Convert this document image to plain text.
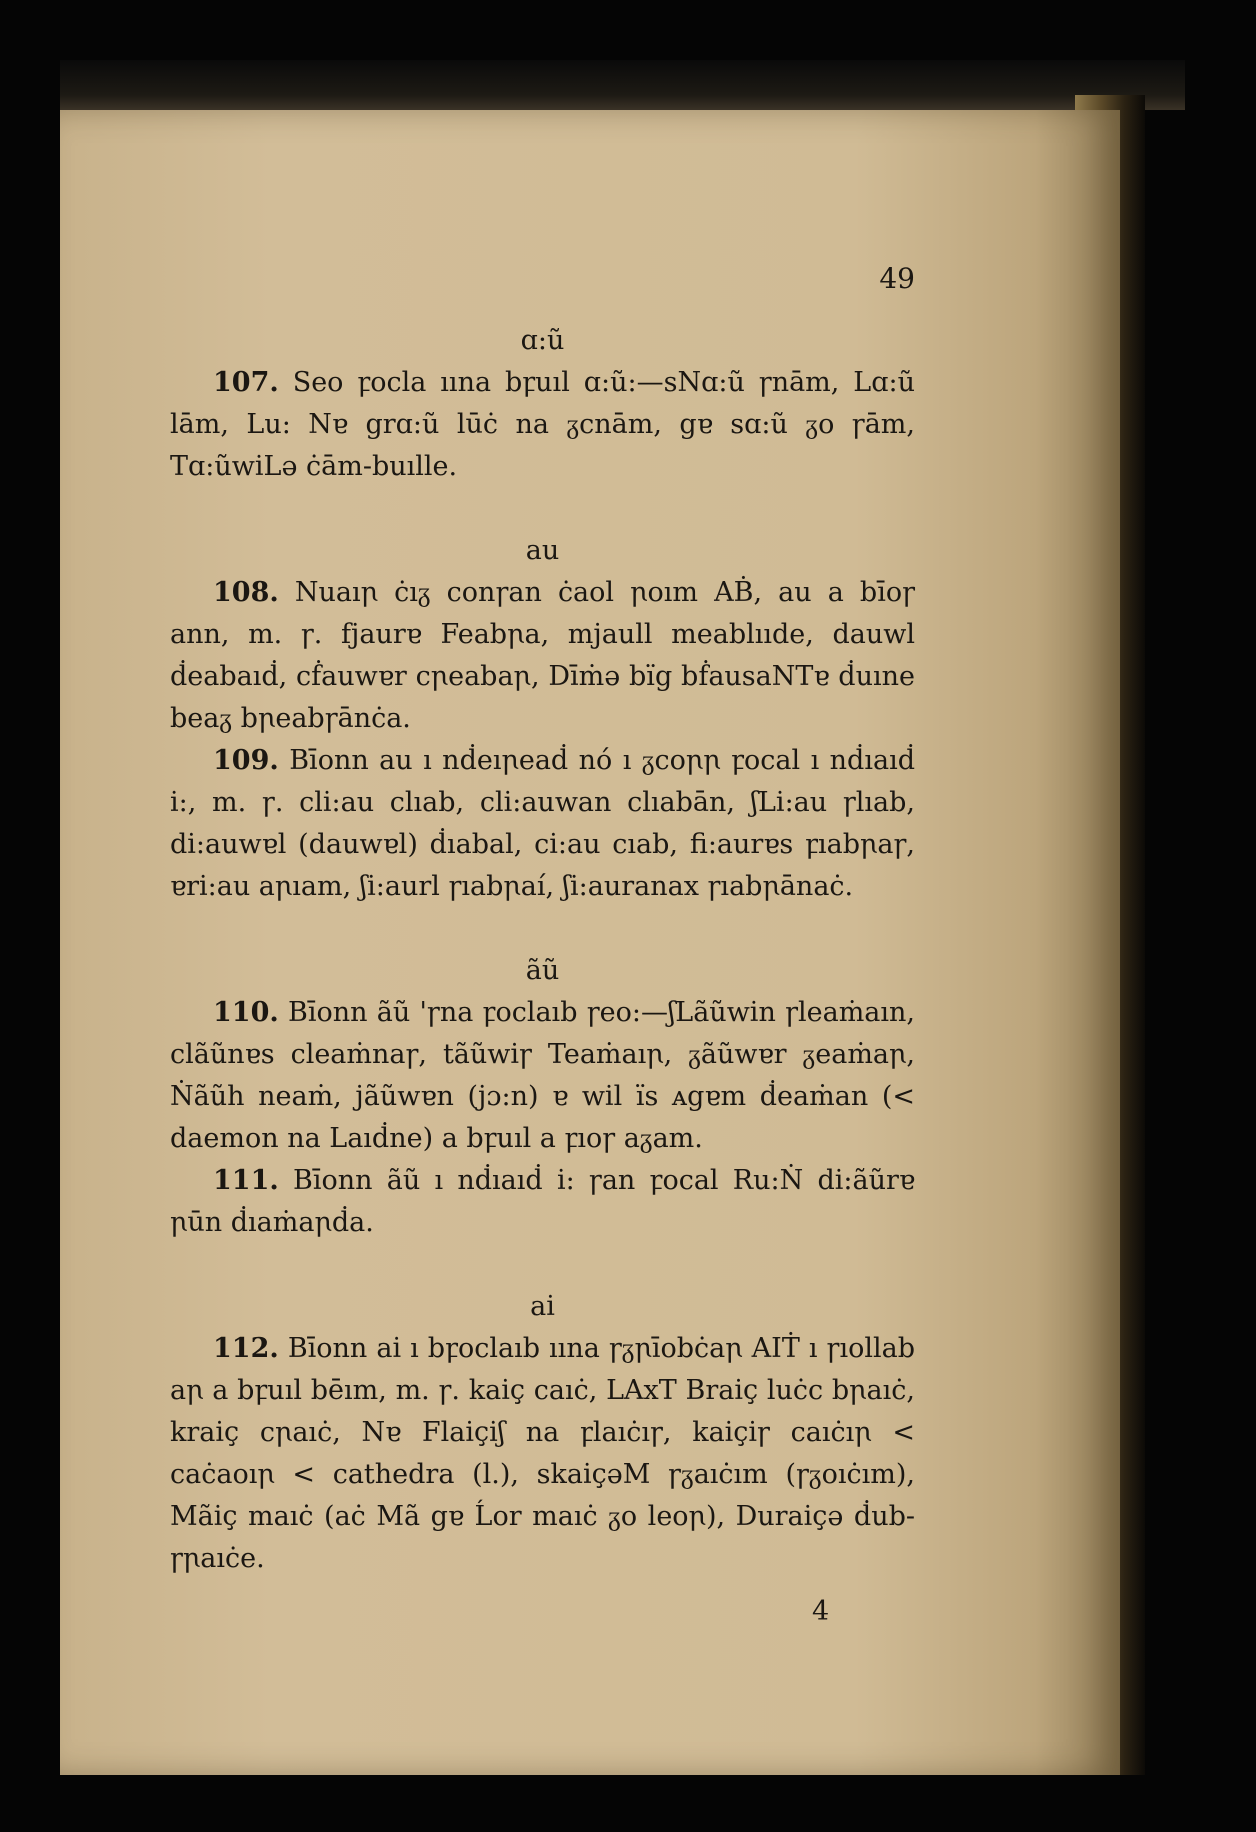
49
ɑ:ũ

107. Seo ꝼocla ıına bꝼuıl ɑ:ũ:—sNɑ:ũ ꞅnām, Lɑ:ũ lām, Lu: Nɐ grɑ:ũ lūċ na ᵹcnām, gɐ sɑ:ũ ᵹo ꞅām, Tɑ:ũwiLə ċām-buılle.

au

108. Nuaıꞃ ċıᵹ conꞅan ċaol ꞃoım AḂ, au a bīoꞅ ann, m. ꞅ. fjaurɐ Feabꞃa, mjaull meablııde, dauwl ḋeabaıḋ, cḟauwɐr cꞃeabaꞃ, Dīṁə bïg bḟausaNTɐ ḋuıne beaᵹ bꞃeabꞅānċa.

109. Bīonn au ı nḋeıꞃeaḋ nó ı ᵹcoꞃꞃ ꝼocal ı nḋıaıḋ i:, m. ꞅ. cli:au clıab, cli:auwan clıabān, ʃLi:au ꞅlıab, di:auwɐl (dauwɐl) ḋıabal, ci:au cıab, fi:aurɐs ꝼıabꞃaꞅ, ɐri:au aꞃıam, ʃi:aurl ꞅıabꞃaí, ʃi:auranax ꞅıabꞃānaċ.

ãũ

110. Bīonn ãũ 'ꞅna ꝼoclaıb ꞅeo:—ʃLãũwin ꞅleaṁaın, clãũnɐs cleaṁnaꞅ, tãũwiꞅ Teaṁaıꞃ, ᵹãũwɐr ᵹeaṁaꞃ, Ṅãũh neaṁ, jãũwɐn (jɔ:n) ɐ wil ïs ᴀgɐm ḋeaṁan (< daemon na Laıḋne) a bꝼuıl a ꝼıoꞅ aᵹam.

111. Bīonn ãũ ı nḋıaıḋ i: ꞅan ꝼocal Ru:Ṅ di:ãũrɐ ꞃūn ḋıaṁaꞃḋa.

ai

112. Bīonn ai ı bꝼoclaıb ıına ꞅᵹꞃīobċaꞃ AIṪ ı ꞅıollab aꞃ a bꝼuıl bēım, m. ꞅ. kaiç caıċ, LAxT Braiç luċc bꞃaıċ, kraiç cꞃaıċ, Nɐ Flaiçiʃ na ꝼlaıċıꞅ, kaiçiꞅ caıċıꞃ < caċaoıꞃ < cathedra (l.), skaiçəM ꞅᵹaıċım (ꞅᵹoıċım), Mãiç maıċ (aċ Mã gɐ Ĺor maıċ ᵹo leoꞃ), Duraiçə ḋub-ꞅꞃaıċe.

4
